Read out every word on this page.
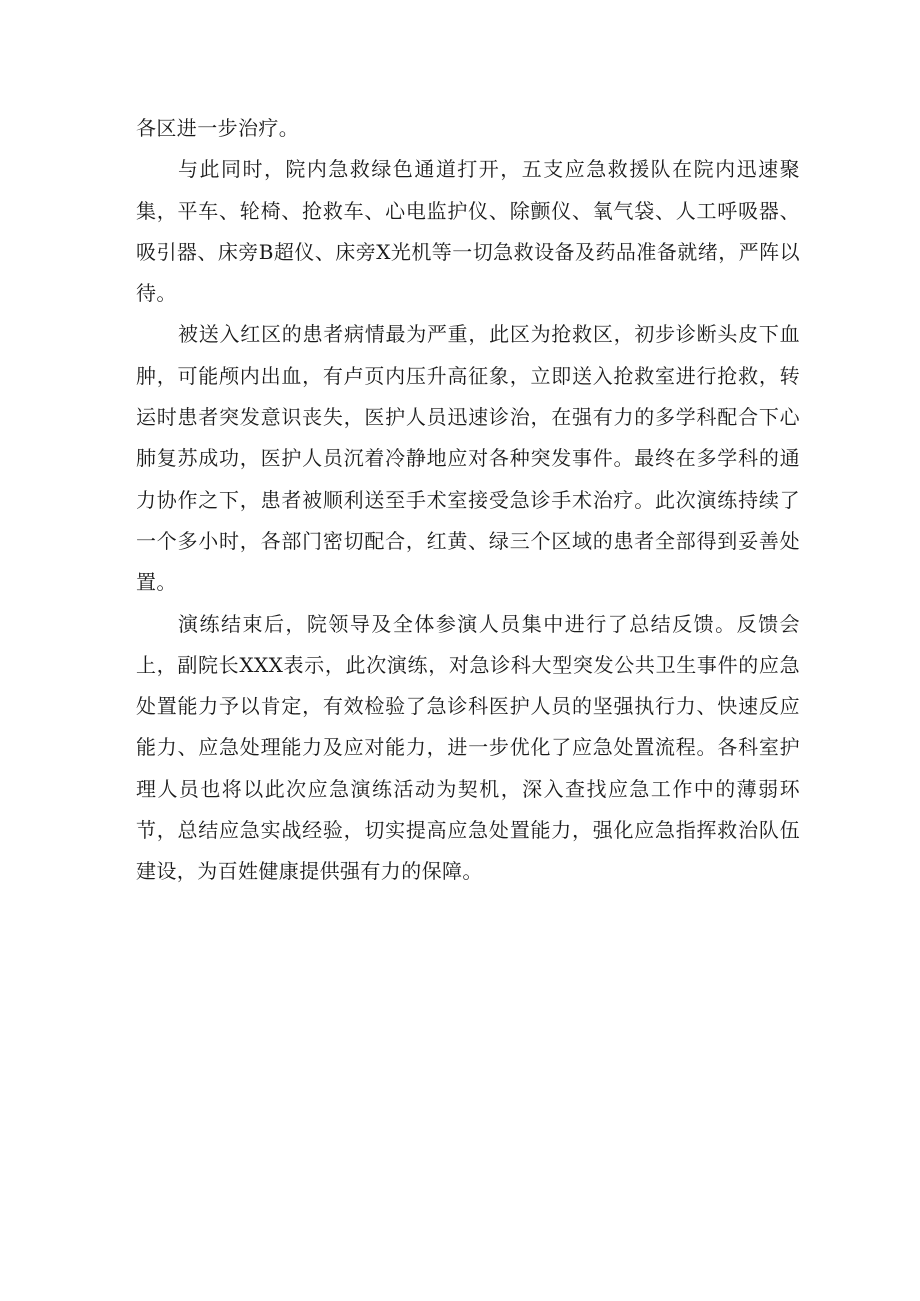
各区进一步治疗。

与此同时，院内急救绿色通道打开，五支应急救援队在院内迅速聚集，平车、轮椅、抢救车、心电监护仪、除颤仪、氧气袋、人工呼吸器、吸引器、床旁B超仪、床旁X光机等一切急救设备及药品准备就绪，严阵以待。

被送入红区的患者病情最为严重，此区为抢救区，初步诊断头皮下血肿，可能颅内出血，有卢页内压升高征象，立即送入抢救室进行抢救，转运时患者突发意识丧失，医护人员迅速诊治，在强有力的多学科配合下心肺复苏成功，医护人员沉着冷静地应对各种突发事件。最终在多学科的通力协作之下，患者被顺利送至手术室接受急诊手术治疗。此次演练持续了一个多小时，各部门密切配合，红黄、绿三个区域的患者全部得到妥善处置。

演练结束后，院领导及全体参演人员集中进行了总结反馈。反馈会上，副院长XXX表示，此次演练，对急诊科大型突发公共卫生事件的应急处置能力予以肯定，有效检验了急诊科医护人员的坚强执行力、快速反应能力、应急处理能力及应对能力，进一步优化了应急处置流程。各科室护理人员也将以此次应急演练活动为契机，深入查找应急工作中的薄弱环节，总结应急实战经验，切实提高应急处置能力，强化应急指挥救治队伍建设，为百姓健康提供强有力的保障。
